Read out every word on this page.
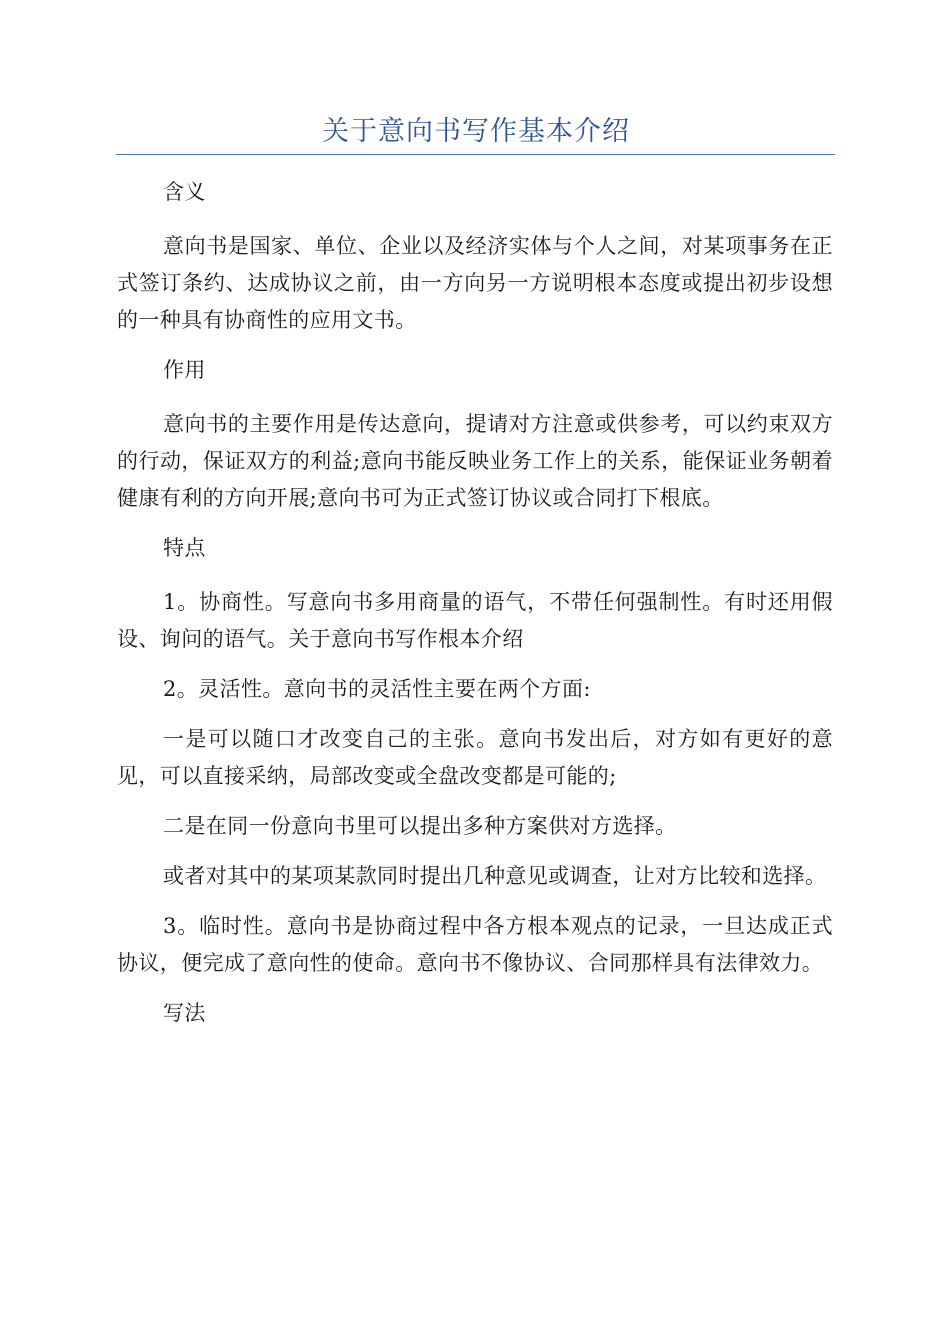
关于意向书写作基本介绍

含义

意向书是国家、单位、企业以及经济实体与个人之间，对某项事务在正式签订条约、达成协议之前，由一方向另一方说明根本态度或提出初步设想的一种具有协商性的应用文书。

作用

意向书的主要作用是传达意向，提请对方注意或供参考，可以约束双方的行动，保证双方的利益;意向书能反映业务工作上的关系，能保证业务朝着健康有利的方向开展;意向书可为正式签订协议或合同打下根底。

特点

1。协商性。写意向书多用商量的语气，不带任何强制性。有时还用假设、询问的语气。关于意向书写作根本介绍

2。灵活性。意向书的灵活性主要在两个方面:

一是可以随口才改变自己的主张。意向书发出后，对方如有更好的意见，可以直接采纳，局部改变或全盘改变都是可能的;

二是在同一份意向书里可以提出多种方案供对方选择。

或者对其中的某项某款同时提出几种意见或调查，让对方比较和选择。

3。临时性。意向书是协商过程中各方根本观点的记录，一旦达成正式协议，便完成了意向性的使命。意向书不像协议、合同那样具有法律效力。

写法
